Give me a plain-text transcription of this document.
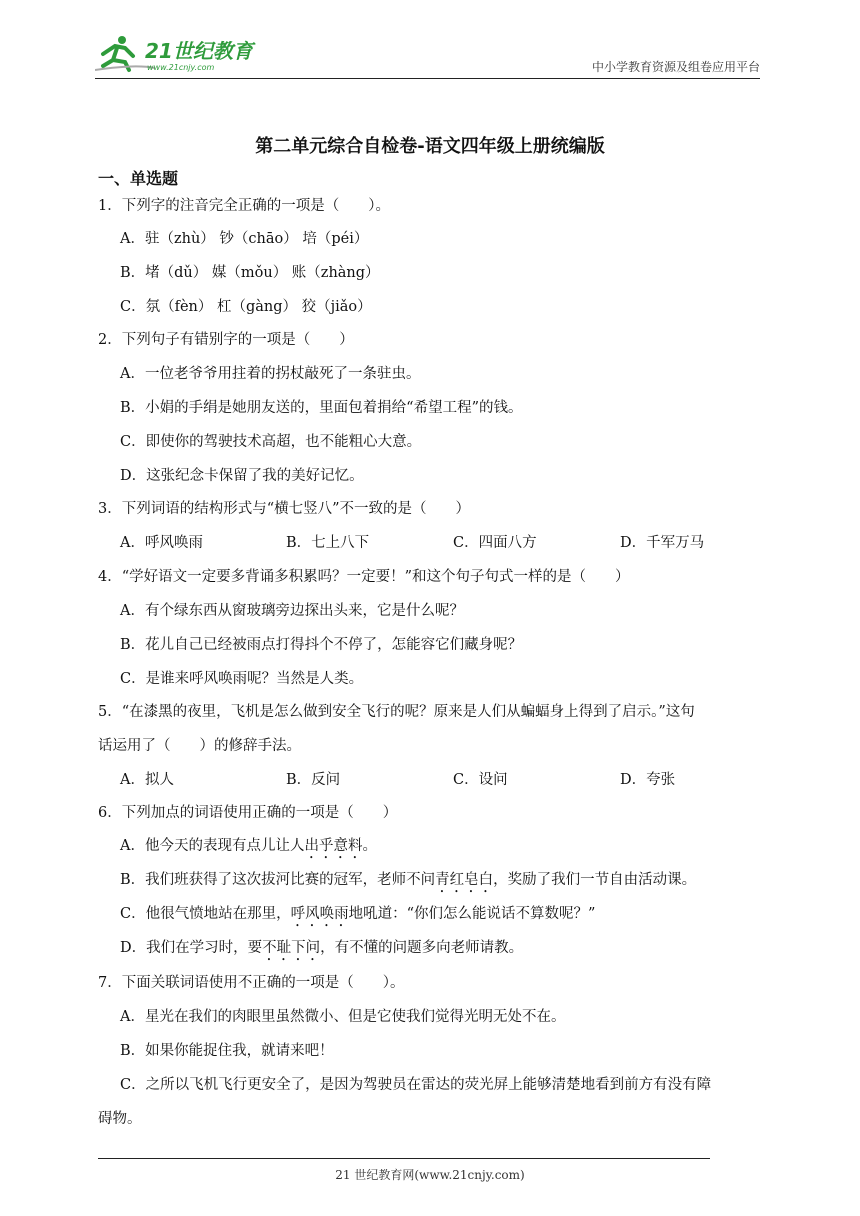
21世纪教育
www.21cnjy.com	中小学教育资源及组卷应用平台
第二单元综合自检卷-语文四年级上册统编版
一、单选题
1．下列字的注音完全正确的一项是（　　）。
A．驻（zhù） 钞（chāo） 培（péi）
B．堵（dǔ） 媒（mǒu） 账（zhàng）
C．氛（fèn） 杠（gàng） 狡（jiǎo）
2．下列句子有错别字的一项是（　　）
A．一位老爷爷用拄着的拐杖敲死了一条驻虫。
B．小娟的手绢是她朋友送的，里面包着捐给“希望工程”的钱。
C．即使你的驾驶技术高超，也不能粗心大意。
D．这张纪念卡保留了我的美好记忆。
3．下列词语的结构形式与“横七竖八”不一致的是（　　）
A．呼风唤雨	B．七上八下	C．四面八方	D．千军万马
4．“学好语文一定要多背诵多积累吗？一定要！”和这个句子句式一样的是（　　）
A．有个绿东西从窗玻璃旁边探出头来，它是什么呢？
B．花儿自己已经被雨点打得抖个不停了，怎能容它们藏身呢？
C．是谁来呼风唤雨呢？当然是人类。
5．“在漆黑的夜里，飞机是怎么做到安全飞行的呢？原来是人们从蝙蝠身上得到了启示。”这句
话运用了（　　）的修辞手法。
A．拟人	B．反问	C．设问	D．夸张
6．下列加点的词语使用正确的一项是（　　）
A．他今天的表现有点儿让人出乎意料。
B．我们班获得了这次拔河比赛的冠军，老师不问青红皂白，奖励了我们一节自由活动课。
C．他很气愤地站在那里，呼风唤雨地吼道：“你们怎么能说话不算数呢？”
D．我们在学习时，要不耻下问，有不懂的问题多向老师请教。
7．下面关联词语使用不正确的一项是（　　）。
A．星光在我们的肉眼里虽然微小、但是它使我们觉得光明无处不在。
B．如果你能捉住我，就请来吧！
C．之所以飞机飞行更安全了，是因为驾驶员在雷达的荧光屏上能够清楚地看到前方有没有障
碍物。
21 世纪教育网(www.21cnjy.com)
